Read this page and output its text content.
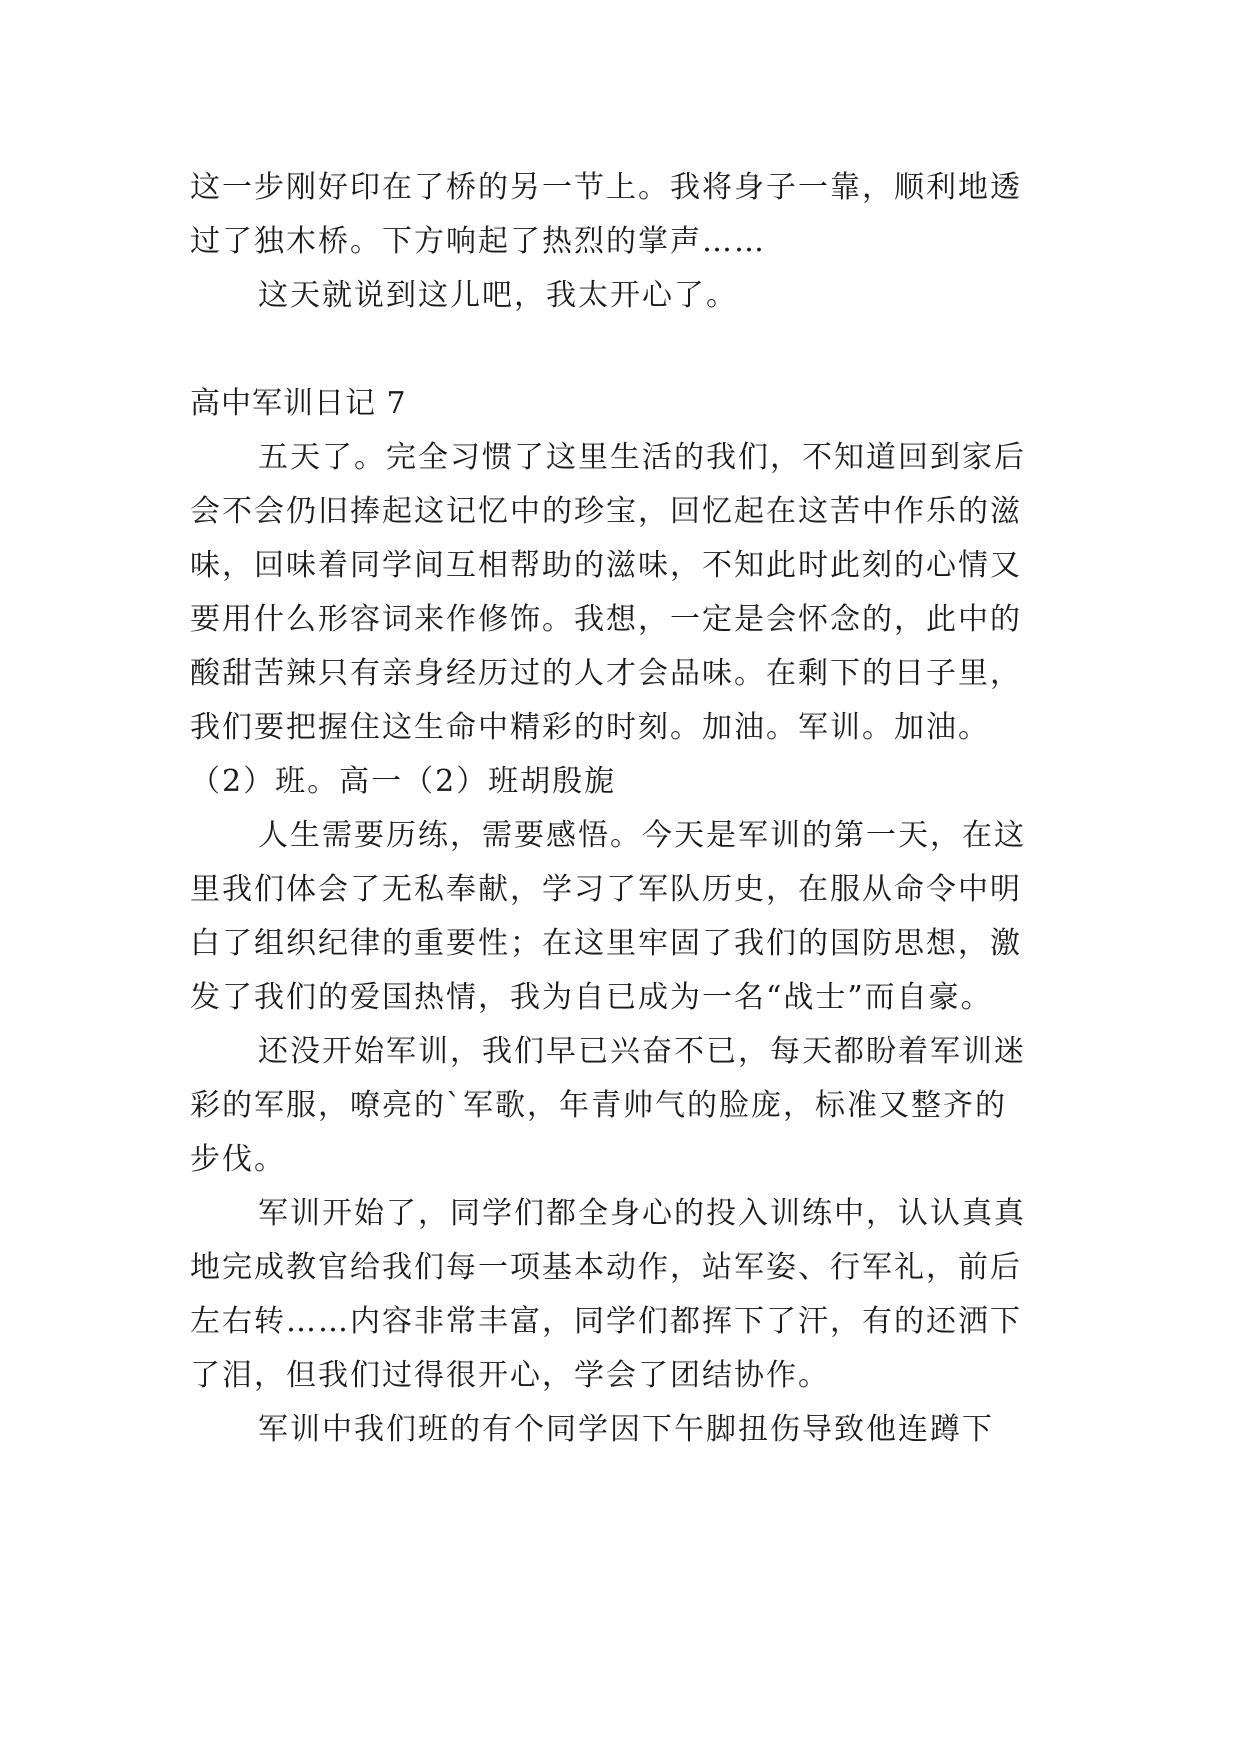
这一步刚好印在了桥的另一节上。我将身子一靠，顺利地透
过了独木桥。下方响起了热烈的掌声……
这天就说到这儿吧，我太开心了。
高中军训日记 7
五天了。完全习惯了这里生活的我们，不知道回到家后
会不会仍旧捧起这记忆中的珍宝，回忆起在这苦中作乐的滋
味，回味着同学间互相帮助的滋味，不知此时此刻的心情又
要用什么形容词来作修饰。我想，一定是会怀念的，此中的
酸甜苦辣只有亲身经历过的人才会品味。在剩下的日子里，
我们要把握住这生命中精彩的时刻。加油。军训。加油。
（2）班。高一（2）班胡殷旎
人生需要历练，需要感悟。今天是军训的第一天，在这
里我们体会了无私奉献，学习了军队历史，在服从命令中明
白了组织纪律的重要性；在这里牢固了我们的国防思想，激
发了我们的爱国热情，我为自已成为一名“战士”而自豪。
还没开始军训，我们早已兴奋不已，每天都盼着军训迷
彩的军服，嘹亮的`军歌，年青帅气的脸庞，标准又整齐的
步伐。
军训开始了，同学们都全身心的投入训练中，认认真真
地完成教官给我们每一项基本动作，站军姿、行军礼，前后
左右转……内容非常丰富，同学们都挥下了汗，有的还洒下
了泪，但我们过得很开心，学会了团结协作。
军训中我们班的有个同学因下午脚扭伤导致他连蹲下
